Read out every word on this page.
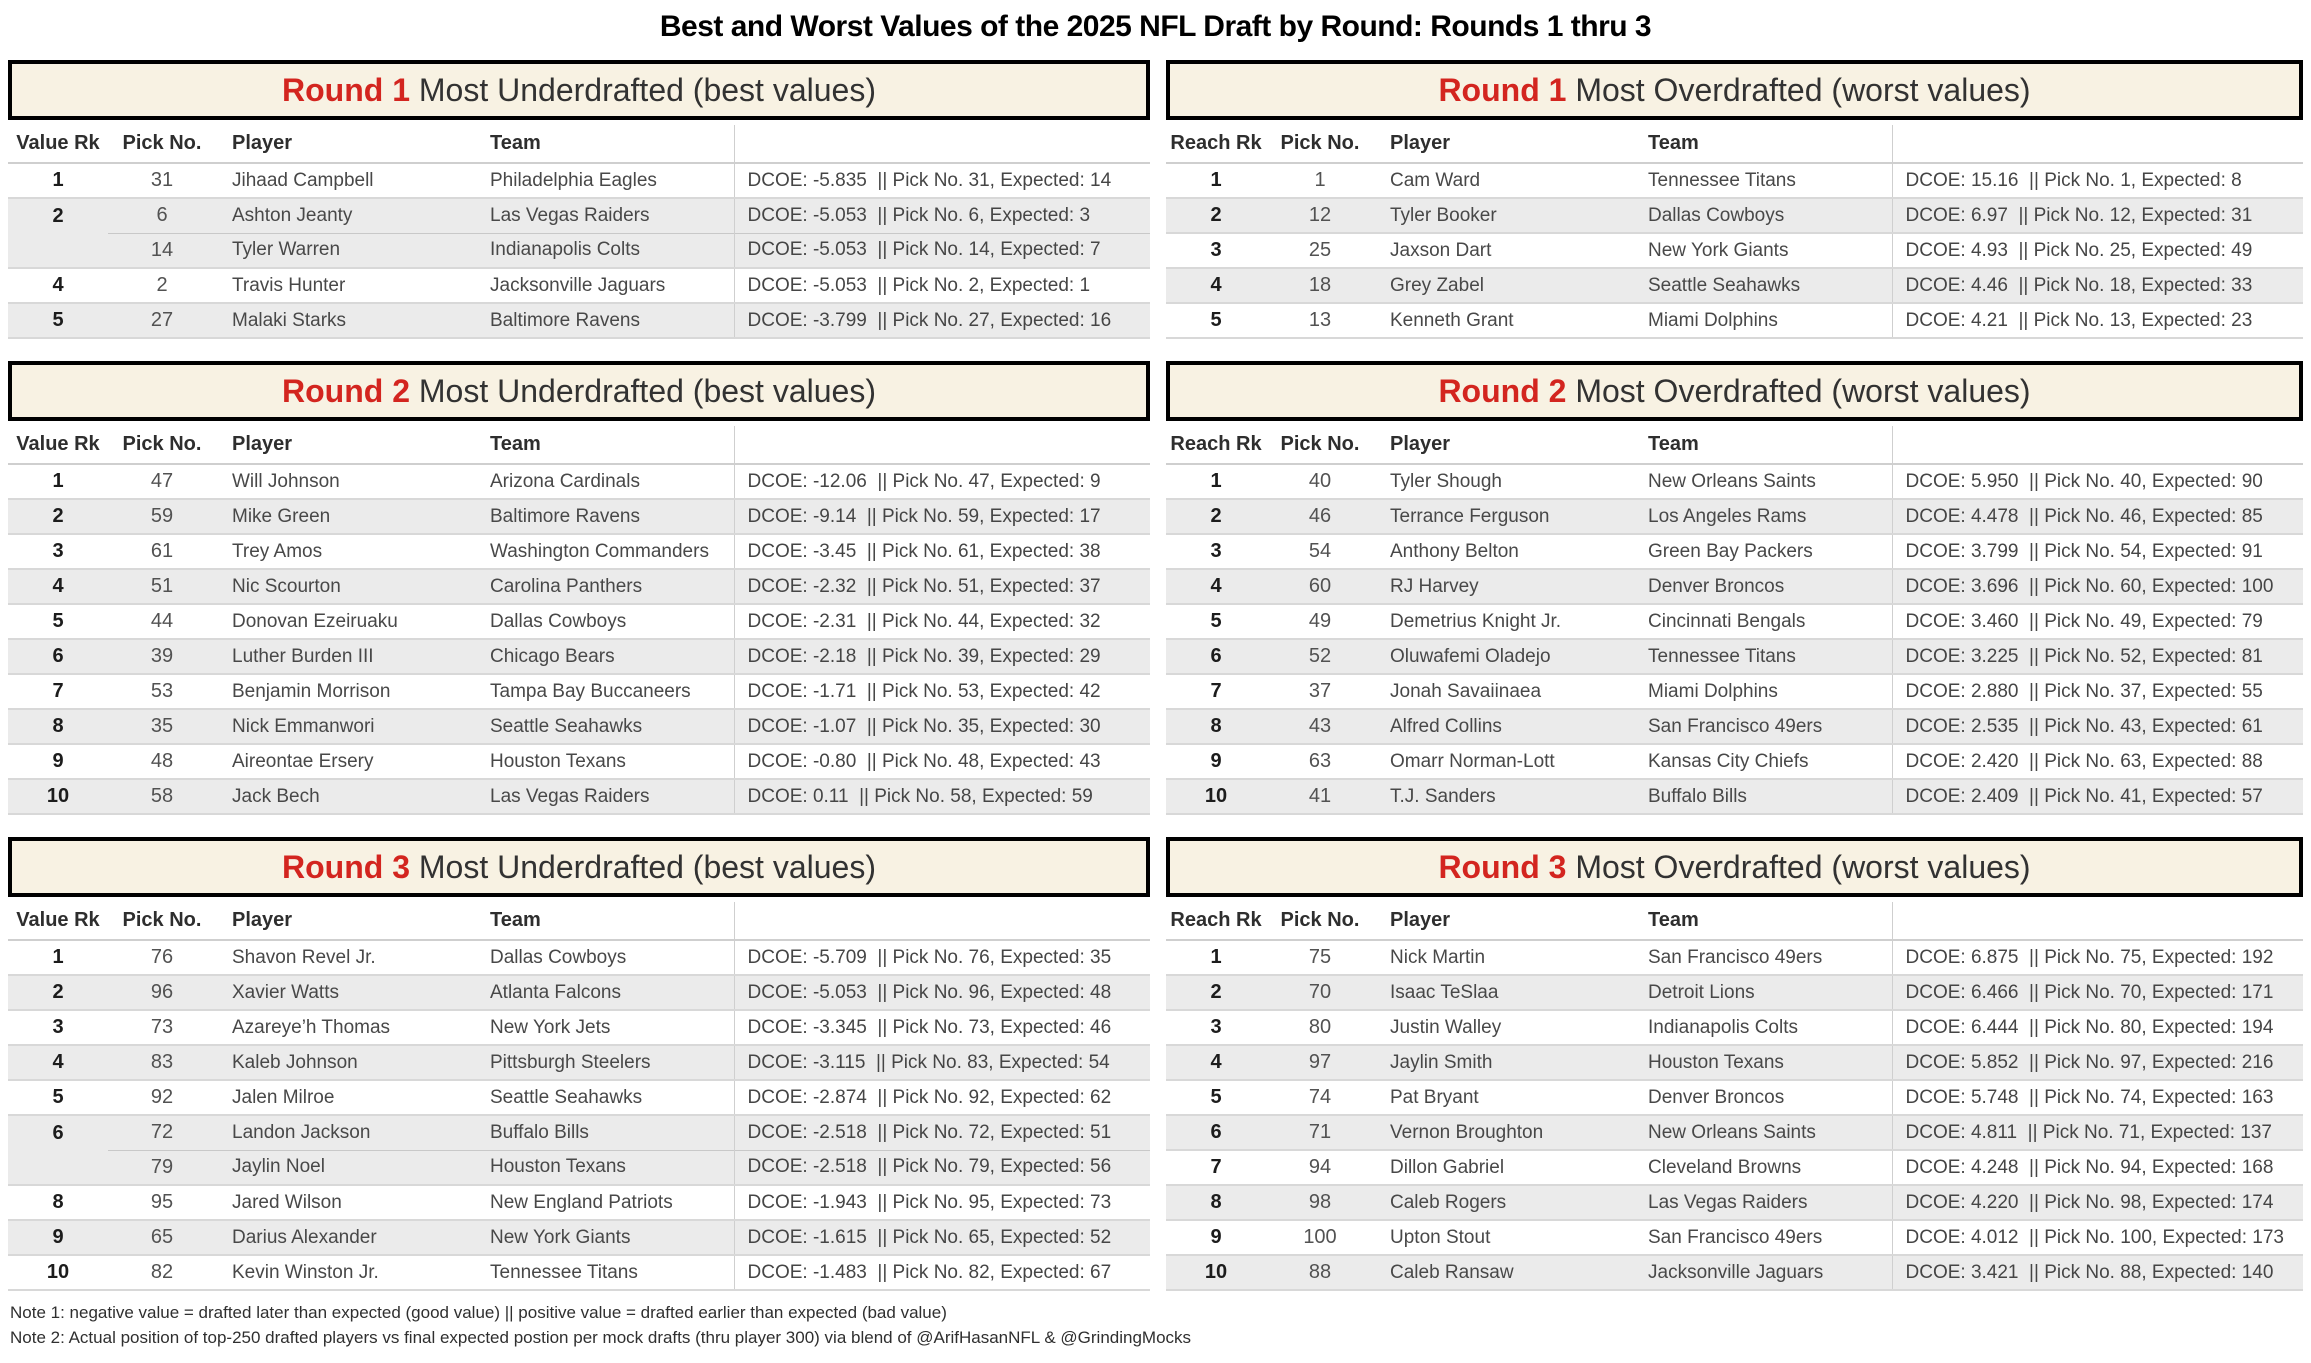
Best and Worst Values of the 2025 NFL Draft by Round: Rounds 1 thru 3
Round 1 Most Underdrafted (best values)
Value Rk	Pick No.	Player	Team	
1	31	Jihaad Campbell	Philadelphia Eagles	DCOE: -5.835  || Pick No. 31, Expected: 14
2	6	Ashton Jeanty	Las Vegas Raiders	DCOE: -5.053  || Pick No. 6, Expected: 3
	14	Tyler Warren	Indianapolis Colts	DCOE: -5.053  || Pick No. 14, Expected: 7
4	2	Travis Hunter	Jacksonville Jaguars	DCOE: -5.053  || Pick No. 2, Expected: 1
5	27	Malaki Starks	Baltimore Ravens	DCOE: -3.799  || Pick No. 27, Expected: 16
Round 1 Most Overdrafted (worst values)
Reach Rk	Pick No.	Player	Team	
1	1	Cam Ward	Tennessee Titans	DCOE: 15.16  || Pick No. 1, Expected: 8
2	12	Tyler Booker	Dallas Cowboys	DCOE: 6.97  || Pick No. 12, Expected: 31
3	25	Jaxson Dart	New York Giants	DCOE: 4.93  || Pick No. 25, Expected: 49
4	18	Grey Zabel	Seattle Seahawks	DCOE: 4.46  || Pick No. 18, Expected: 33
5	13	Kenneth Grant	Miami Dolphins	DCOE: 4.21  || Pick No. 13, Expected: 23
Round 2 Most Underdrafted (best values)
Value Rk	Pick No.	Player	Team	
1	47	Will Johnson	Arizona Cardinals	DCOE: -12.06  || Pick No. 47, Expected: 9
2	59	Mike Green	Baltimore Ravens	DCOE: -9.14  || Pick No. 59, Expected: 17
3	61	Trey Amos	Washington Commanders	DCOE: -3.45  || Pick No. 61, Expected: 38
4	51	Nic Scourton	Carolina Panthers	DCOE: -2.32  || Pick No. 51, Expected: 37
5	44	Donovan Ezeiruaku	Dallas Cowboys	DCOE: -2.31  || Pick No. 44, Expected: 32
6	39	Luther Burden III	Chicago Bears	DCOE: -2.18  || Pick No. 39, Expected: 29
7	53	Benjamin Morrison	Tampa Bay Buccaneers	DCOE: -1.71  || Pick No. 53, Expected: 42
8	35	Nick Emmanwori	Seattle Seahawks	DCOE: -1.07  || Pick No. 35, Expected: 30
9	48	Aireontae Ersery	Houston Texans	DCOE: -0.80  || Pick No. 48, Expected: 43
10	58	Jack Bech	Las Vegas Raiders	DCOE: 0.11  || Pick No. 58, Expected: 59
Round 2 Most Overdrafted (worst values)
Reach Rk	Pick No.	Player	Team	
1	40	Tyler Shough	New Orleans Saints	DCOE: 5.950  || Pick No. 40, Expected: 90
2	46	Terrance Ferguson	Los Angeles Rams	DCOE: 4.478  || Pick No. 46, Expected: 85
3	54	Anthony Belton	Green Bay Packers	DCOE: 3.799  || Pick No. 54, Expected: 91
4	60	RJ Harvey	Denver Broncos	DCOE: 3.696  || Pick No. 60, Expected: 100
5	49	Demetrius Knight Jr.	Cincinnati Bengals	DCOE: 3.460  || Pick No. 49, Expected: 79
6	52	Oluwafemi Oladejo	Tennessee Titans	DCOE: 3.225  || Pick No. 52, Expected: 81
7	37	Jonah Savaiinaea	Miami Dolphins	DCOE: 2.880  || Pick No. 37, Expected: 55
8	43	Alfred Collins	San Francisco 49ers	DCOE: 2.535  || Pick No. 43, Expected: 61
9	63	Omarr Norman-Lott	Kansas City Chiefs	DCOE: 2.420  || Pick No. 63, Expected: 88
10	41	T.J. Sanders	Buffalo Bills	DCOE: 2.409  || Pick No. 41, Expected: 57
Round 3 Most Underdrafted (best values)
Value Rk	Pick No.	Player	Team	
1	76	Shavon Revel Jr.	Dallas Cowboys	DCOE: -5.709  || Pick No. 76, Expected: 35
2	96	Xavier Watts	Atlanta Falcons	DCOE: -5.053  || Pick No. 96, Expected: 48
3	73	Azareye’h Thomas	New York Jets	DCOE: -3.345  || Pick No. 73, Expected: 46
4	83	Kaleb Johnson	Pittsburgh Steelers	DCOE: -3.115  || Pick No. 83, Expected: 54
5	92	Jalen Milroe	Seattle Seahawks	DCOE: -2.874  || Pick No. 92, Expected: 62
6	72	Landon Jackson	Buffalo Bills	DCOE: -2.518  || Pick No. 72, Expected: 51
	79	Jaylin Noel	Houston Texans	DCOE: -2.518  || Pick No. 79, Expected: 56
8	95	Jared Wilson	New England Patriots	DCOE: -1.943  || Pick No. 95, Expected: 73
9	65	Darius Alexander	New York Giants	DCOE: -1.615  || Pick No. 65, Expected: 52
10	82	Kevin Winston Jr.	Tennessee Titans	DCOE: -1.483  || Pick No. 82, Expected: 67
Round 3 Most Overdrafted (worst values)
Reach Rk	Pick No.	Player	Team	
1	75	Nick Martin	San Francisco 49ers	DCOE: 6.875  || Pick No. 75, Expected: 192
2	70	Isaac TeSlaa	Detroit Lions	DCOE: 6.466  || Pick No. 70, Expected: 171
3	80	Justin Walley	Indianapolis Colts	DCOE: 6.444  || Pick No. 80, Expected: 194
4	97	Jaylin Smith	Houston Texans	DCOE: 5.852  || Pick No. 97, Expected: 216
5	74	Pat Bryant	Denver Broncos	DCOE: 5.748  || Pick No. 74, Expected: 163
6	71	Vernon Broughton	New Orleans Saints	DCOE: 4.811  || Pick No. 71, Expected: 137
7	94	Dillon Gabriel	Cleveland Browns	DCOE: 4.248  || Pick No. 94, Expected: 168
8	98	Caleb Rogers	Las Vegas Raiders	DCOE: 4.220  || Pick No. 98, Expected: 174
9	100	Upton Stout	San Francisco 49ers	DCOE: 4.012  || Pick No. 100, Expected: 173
10	88	Caleb Ransaw	Jacksonville Jaguars	DCOE: 3.421  || Pick No. 88, Expected: 140
Note 1: negative value = drafted later than expected (good value) || positive value = drafted earlier than expected (bad value)
Note 2: Actual position of top-250 drafted players vs final expected postion per mock drafts (thru player 300) via blend of @ArifHasanNFL & @GrindingMocks
